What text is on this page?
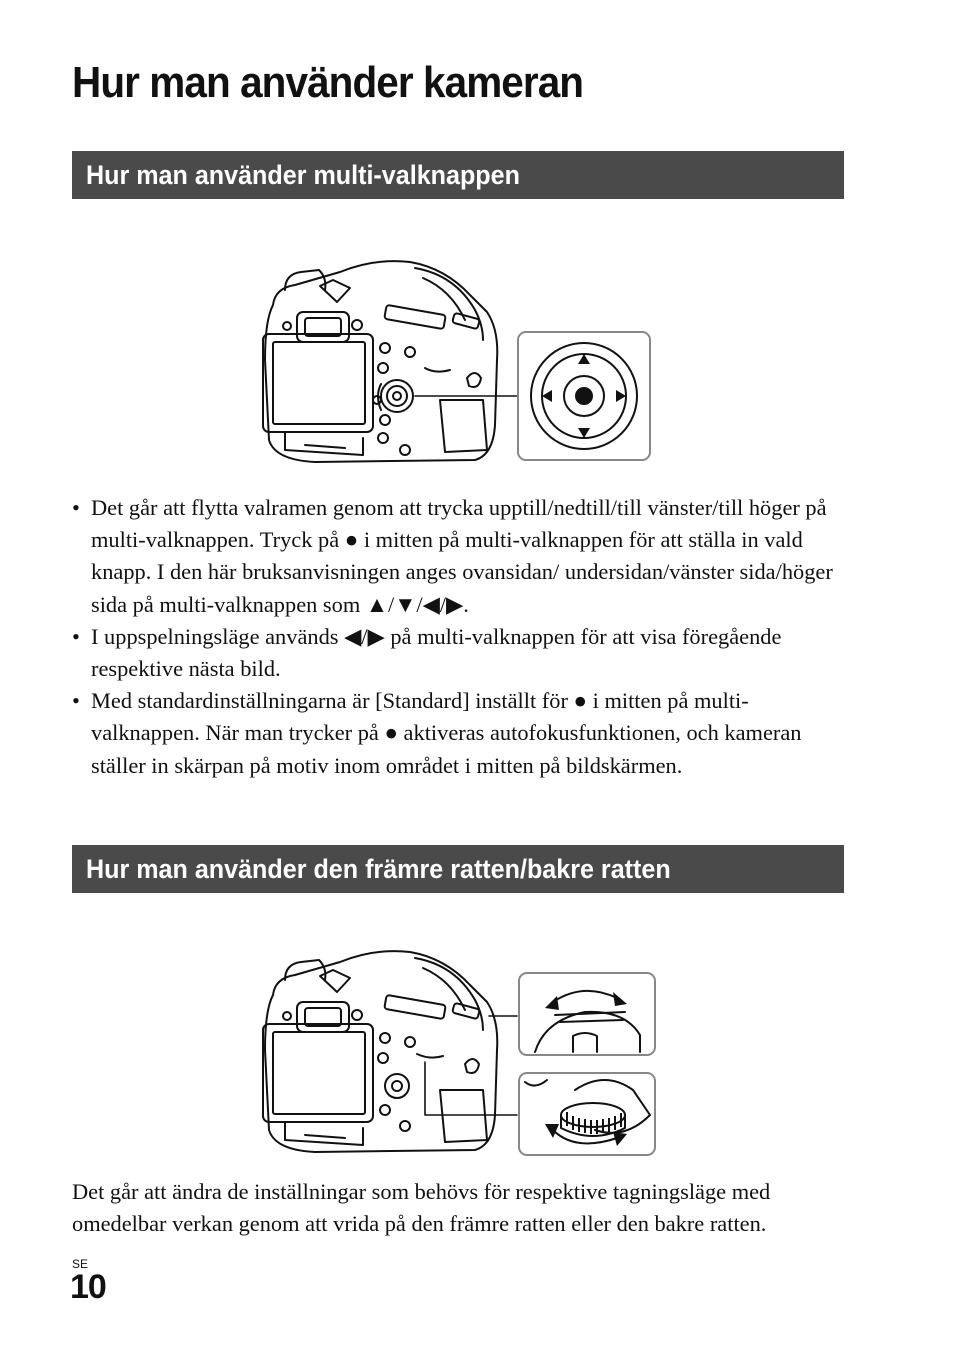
Hur man använder kameran
Hur man använder multi-valknappen
• Det går att flytta valramen genom att trycka upptill/nedtill/till vänster/till höger på multi-valknappen. Tryck på ● i mitten på multi-valknappen för att ställa in vald knapp. I den här bruksanvisningen anges ovansidan/ undersidan/vänster sida/höger sida på multi-valknappen som ▲/▼/◀/▶.
• I uppspelningsläge används ◀/▶ på multi-valknappen för att visa föregående respektive nästa bild.
• Med standardinställningarna är [Standard] inställt för ● i mitten på multi-valknappen. När man trycker på ● aktiveras autofokusfunktionen, och kameran ställer in skärpan på motiv inom området i mitten på bildskärmen.
Hur man använder den främre ratten/bakre ratten

Det går att ändra de inställningar som behövs för respektive tagningsläge med omedelbar verkan genom att vrida på den främre ratten eller den bakre ratten.

SE
10
